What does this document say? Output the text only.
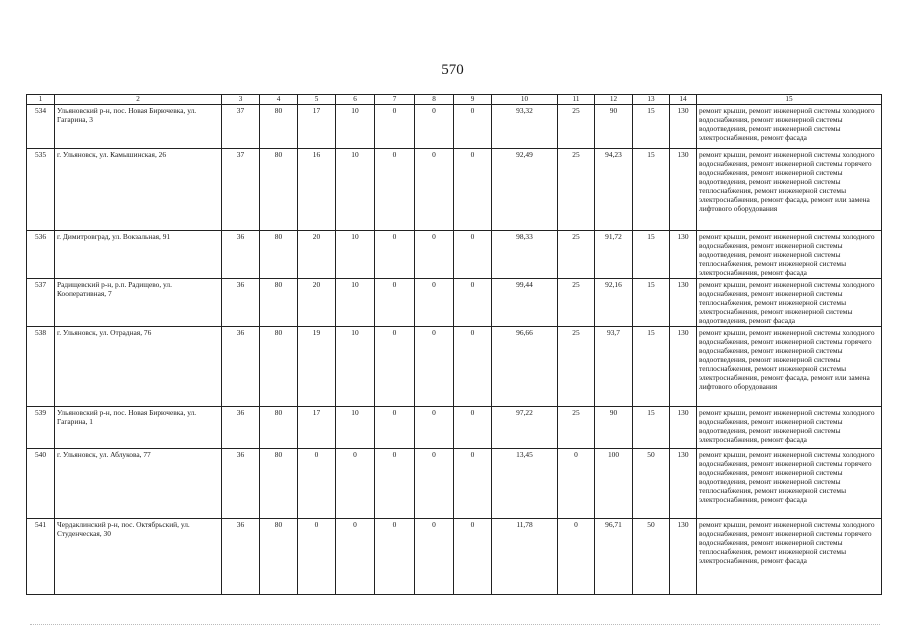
570
1	2	3	4	5	6	7	8	9	10	11	12	13	14	15
534	Ульяновский р-н, пос. Новая Бирючевка, ул. Гагарина, 3	37	80	17	10	0	0	0	93,32	25	90	15	130	ремонт крыши, ремонт инженерной системы холодного водоснабжения, ремонт инженерной системы водоотведения, ремонт инженерной системы электроснабжения, ремонт фасада
535	г. Ульяновск, ул. Камышинская, 26	37	80	16	10	0	0	0	92,49	25	94,23	15	130	ремонт крыши, ремонт инженерной системы холодного водоснабжения, ремонт инженерной системы горячего водоснабжения, ремонт инженерной системы водоотведения, ремонт инженерной системы теплоснабжения, ремонт инженерной системы электроснабжения, ремонт фасада, ремонт или замена лифтового оборудования
536	г. Димитровград, ул. Вокзальная, 91	36	80	20	10	0	0	0	98,33	25	91,72	15	130	ремонт крыши, ремонт инженерной системы холодного водоснабжения, ремонт инженерной системы водоотведения, ремонт инженерной системы теплоснабжения, ремонт инженерной системы электроснабжения, ремонт фасада
537	Радищевский р-н, р.п. Радищево, ул. Кооперативная, 7	36	80	20	10	0	0	0	99,44	25	92,16	15	130	ремонт крыши, ремонт инженерной системы холодного водоснабжения, ремонт инженерной системы теплоснабжения, ремонт инженерной системы электроснабжения, ремонт инженерной системы водоотведения, ремонт фасада
538	г. Ульяновск, ул. Отрадная, 76	36	80	19	10	0	0	0	96,66	25	93,7	15	130	ремонт крыши, ремонт инженерной системы холодного водоснабжения, ремонт инженерной системы горячего водоснабжения, ремонт инженерной системы водоотведения, ремонт инженерной системы теплоснабжения, ремонт инженерной системы электроснабжения, ремонт фасада, ремонт или замена лифтового оборудования
539	Ульяновский р-н, пос. Новая Бирючевка, ул. Гагарина, 1	36	80	17	10	0	0	0	97,22	25	90	15	130	ремонт крыши, ремонт инженерной системы холодного водоснабжения, ремонт инженерной системы водоотведения, ремонт инженерной системы электроснабжения, ремонт фасада
540	г. Ульяновск, ул. Аблукова, 77	36	80	0	0	0	0	0	13,45	0	100	50	130	ремонт крыши, ремонт инженерной системы холодного водоснабжения, ремонт инженерной системы горячего водоснабжения, ремонт инженерной системы водоотведения, ремонт инженерной системы теплоснабжения, ремонт инженерной системы электроснабжения, ремонт фасада
541	Чердаклинский р-н, пос. Октябрьский, ул. Студенческая, 30	36	80	0	0	0	0	0	11,78	0	96,71	50	130	ремонт крыши, ремонт инженерной системы холодного водоснабжения, ремонт инженерной системы горячего водоснабжения, ремонт инженерной системы теплоснабжения, ремонт инженерной системы электроснабжения, ремонт фасада
